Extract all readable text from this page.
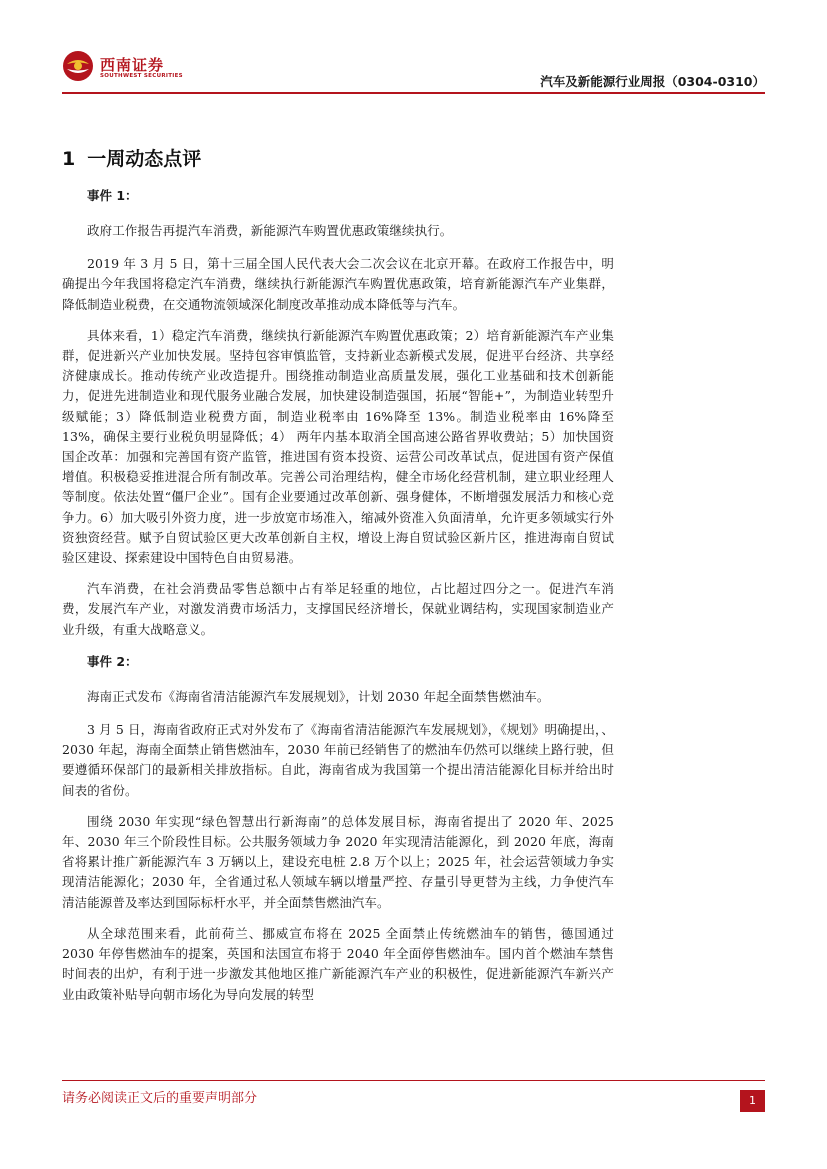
西南证券
SOUTHWEST SECURITIES	汽车及新能源行业周报（0304-0310）
1 一周动态点评
事件 1：

政府工作报告再提汽车消费，新能源汽车购置优惠政策继续执行。

2019 年 3 月 5 日，第十三届全国人民代表大会二次会议在北京开幕。在政府工作报告中，明确提出今年我国将稳定汽车消费，继续执行新能源汽车购置优惠政策，培育新能源汽车产业集群，降低制造业税费，在交通物流领域深化制度改革推动成本降低等与汽车。

具体来看，1）稳定汽车消费，继续执行新能源汽车购置优惠政策；2）培育新能源汽车产业集群，促进新兴产业加快发展。坚持包容审慎监管，支持新业态新模式发展，促进平台经济、共享经济健康成长。推动传统产业改造提升。围绕推动制造业高质量发展，强化工业基础和技术创新能力，促进先进制造业和现代服务业融合发展，加快建设制造强国，拓展“智能+”，为制造业转型升级赋能；3）降低制造业税费方面，制造业税率由 16%降至 13%。制造业税率由 16%降至 13%，确保主要行业税负明显降低；4） 两年内基本取消全国高速公路省界收费站；5）加快国资国企改革：加强和完善国有资产监管，推进国有资本投资、运营公司改革试点，促进国有资产保值增值。积极稳妥推进混合所有制改革。完善公司治理结构，健全市场化经营机制，建立职业经理人等制度。依法处置“僵尸企业”。国有企业要通过改革创新、强身健体，不断增强发展活力和核心竞争力。6）加大吸引外资力度，进一步放宽市场准入，缩减外资准入负面清单，允许更多领域实行外资独资经营。赋予自贸试验区更大改革创新自主权，增设上海自贸试验区新片区，推进海南自贸试验区建设、探索建设中国特色自由贸易港。

汽车消费，在社会消费品零售总额中占有举足轻重的地位，占比超过四分之一。促进汽车消费，发展汽车产业，对激发消费市场活力，支撑国民经济增长，保就业调结构，实现国家制造业产业升级，有重大战略意义。

事件 2：

海南正式发布《海南省清洁能源汽车发展规划》，计划 2030 年起全面禁售燃油车。

3 月 5 日，海南省政府正式对外发布了《海南省清洁能源汽车发展规划》，《规划》明确提出，、2030 年起，海南全面禁止销售燃油车，2030 年前已经销售了的燃油车仍然可以继续上路行驶，但要遵循环保部门的最新相关排放指标。自此，海南省成为我国第一个提出清洁能源化目标并给出时间表的省份。

围绕 2030 年实现“绿色智慧出行新海南”的总体发展目标，海南省提出了 2020 年、2025 年、2030 年三个阶段性目标。公共服务领域力争 2020 年实现清洁能源化，到 2020 年底，海南省将累计推广新能源汽车 3 万辆以上，建设充电桩 2.8 万个以上；2025 年，社会运营领域力争实现清洁能源化；2030 年，全省通过私人领域车辆以增量严控、存量引导更替为主线，力争使汽车清洁能源普及率达到国际标杆水平，并全面禁售燃油汽车。

从全球范围来看，此前荷兰、挪威宣布将在 2025 全面禁止传统燃油车的销售，德国通过 2030 年停售燃油车的提案，英国和法国宣布将于 2040 年全面停售燃油车。国内首个燃油车禁售时间表的出炉，有利于进一步激发其他地区推广新能源汽车产业的积极性，促进新能源汽车新兴产业由政策补贴导向朝市场化为导向发展的转型

请务必阅读正文后的重要声明部分	1
